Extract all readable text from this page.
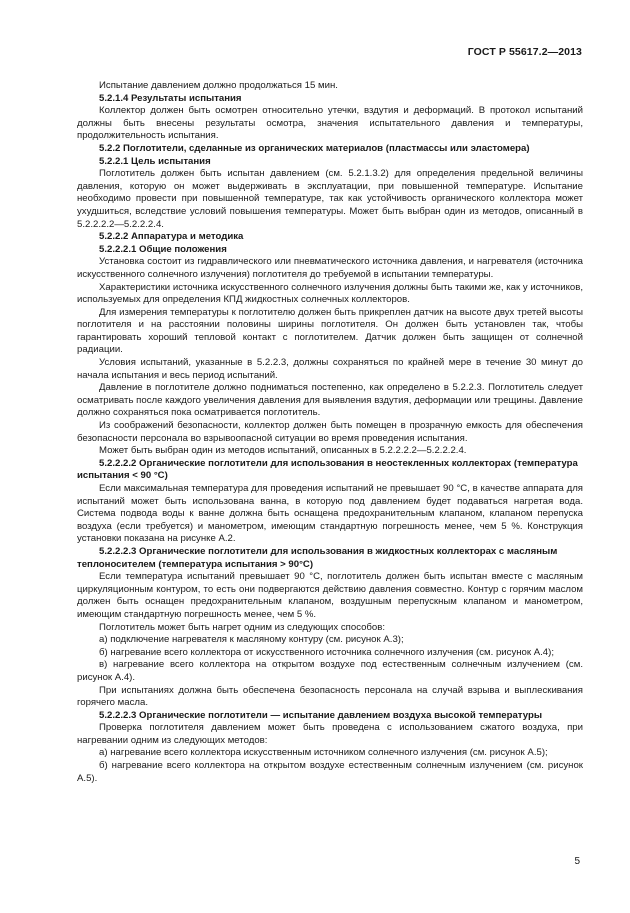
ГОСТ Р 55617.2—2013

Испытание давлением должно продолжаться 15 мин.

5.2.1.4 Результаты испытания

Коллектор должен быть осмотрен относительно утечки, вздутия и деформаций. В протокол испытаний должны быть внесены результаты осмотра, значения испытательного давления и температуры, продолжительность испытания.

5.2.2 Поглотители, сделанные из органических материалов (пластмассы или эластомера)

5.2.2.1 Цель испытания

Поглотитель должен быть испытан давлением (см. 5.2.1.3.2) для определения предельной величины давления, которую он может выдерживать в эксплуатации, при повышенной температуре. Испытание необходимо провести при повышенной температуре, так как устойчивость органического коллектора может ухудшиться, вследствие условий повышения температуры. Может быть выбран один из методов, описанный в 5.2.2.2.2—5.2.2.2.4.

5.2.2.2 Аппаратура и методика

5.2.2.2.1 Общие положения

Установка состоит из гидравлического или пневматического источника давления, и нагревателя (источника искусственного солнечного излучения) поглотителя до требуемой в испытании температуры.

Характеристики источника искусственного солнечного излучения должны быть такими же, как у источников, используемых для определения КПД жидкостных солнечных коллекторов.

Для измерения температуры к поглотителю должен быть прикреплен датчик на высоте двух третей высоты поглотителя и на расстоянии половины ширины поглотителя. Он должен быть установлен так, чтобы гарантировать хороший тепловой контакт с поглотителем. Датчик должен быть защищен от солнечной радиации.

Условия испытаний, указанные в 5.2.2.3, должны сохраняться по крайней мере в течение 30 минут до начала испытания и весь период испытаний.

Давление в поглотителе должно подниматься постепенно, как определено в 5.2.2.3. Поглотитель следует осматривать после каждого увеличения давления для выявления вздутия, деформации или трещины. Давление должно сохраняться пока осматривается поглотитель.

Из соображений безопасности, коллектор должен быть помещен в прозрачную емкость для обеспечения безопасности персонала во взрывоопасной ситуации во время проведения испытания.

Может быть выбран один из методов испытаний, описанных в 5.2.2.2.2—5.2.2.2.4.

5.2.2.2.2 Органические поглотители для использования в неостекленных коллекторах (температура испытания < 90 °С)

Если максимальная температура для проведения испытаний не превышает 90 °С, в качестве аппарата для испытаний может быть использована ванна, в которую под давлением будет подаваться нагретая вода. Система подвода воды к ванне должна быть оснащена предохранительным клапаном, клапаном перепуска воздуха (если требуется) и манометром, имеющим стандартную погрешность менее, чем 5 %. Конструкция установки показана на рисунке А.2.

5.2.2.2.3 Органические поглотители для использования в жидкостных коллекторах с масляным теплоносителем (температура испытания > 90°С)

Если температура испытаний превышает 90 °С, поглотитель должен быть испытан вместе с масляным циркуляционным контуром, то есть они подвергаются действию давления совместно. Контур с горячим маслом должен быть оснащен предохранительным клапаном, воздушным перепускным клапаном и манометром, имеющим стандартную погрешность менее, чем 5 %.

Поглотитель может быть нагрет одним из следующих способов:

а) подключение нагревателя к масляному контуру (см. рисунок А.3);

б) нагревание всего коллектора от искусственного источника солнечного излучения (см. рисунок А.4);

в) нагревание всего коллектора на открытом воздухе под естественным солнечным излучением (см. рисунок А.4).

При испытаниях должна быть обеспечена безопасность персонала на случай взрыва и выплескивания горячего масла.

5.2.2.2.3 Органические поглотители — испытание давлением воздуха высокой температуры

Проверка поглотителя давлением может быть проведена с использованием сжатого воздуха, при нагревании одним из следующих методов:

а) нагревание всего коллектора искусственным источником солнечного излучения (см. рисунок А.5);

б) нагревание всего коллектора на открытом воздухе естественным солнечным излучением (см. рисунок А.5).

5
